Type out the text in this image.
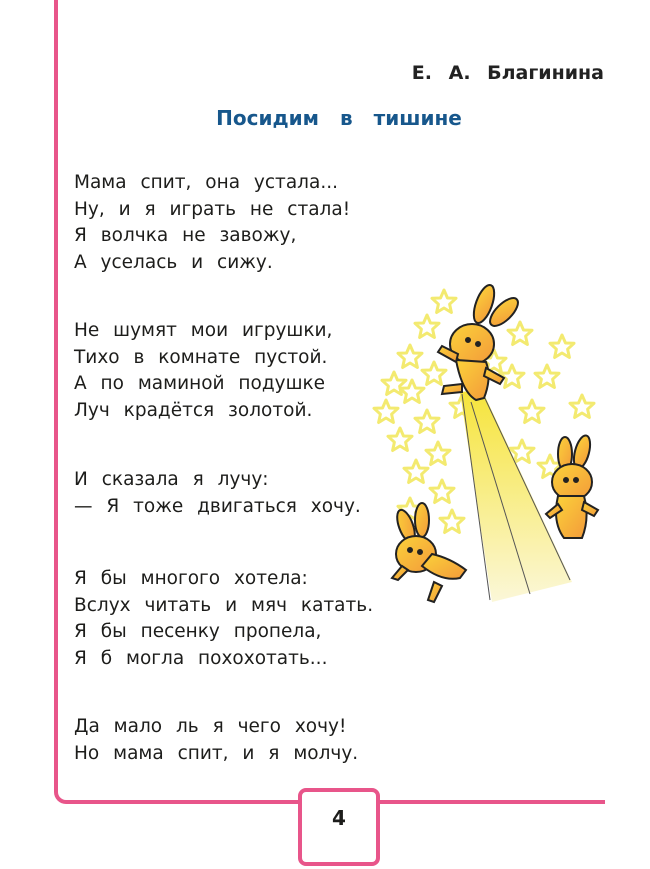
Е. А. Благинина
Посидим в тишине
Мама спит, она устала...
Ну, и я играть не стала!
Я волчка не завожу,
А уселась и сижу.
Не шумят мои игрушки,
Тихо в комнате пустой.
А по маминой подушке
Луч крадётся золотой.
И сказала я лучу:
— Я тоже двигаться хочу.
Я бы многого хотела:
Вслух читать и мяч катать.
Я бы песенку пропела,
Я б могла похохотать...
Да мало ль я чего хочу!
Но мама спит, и я молчу.
4
